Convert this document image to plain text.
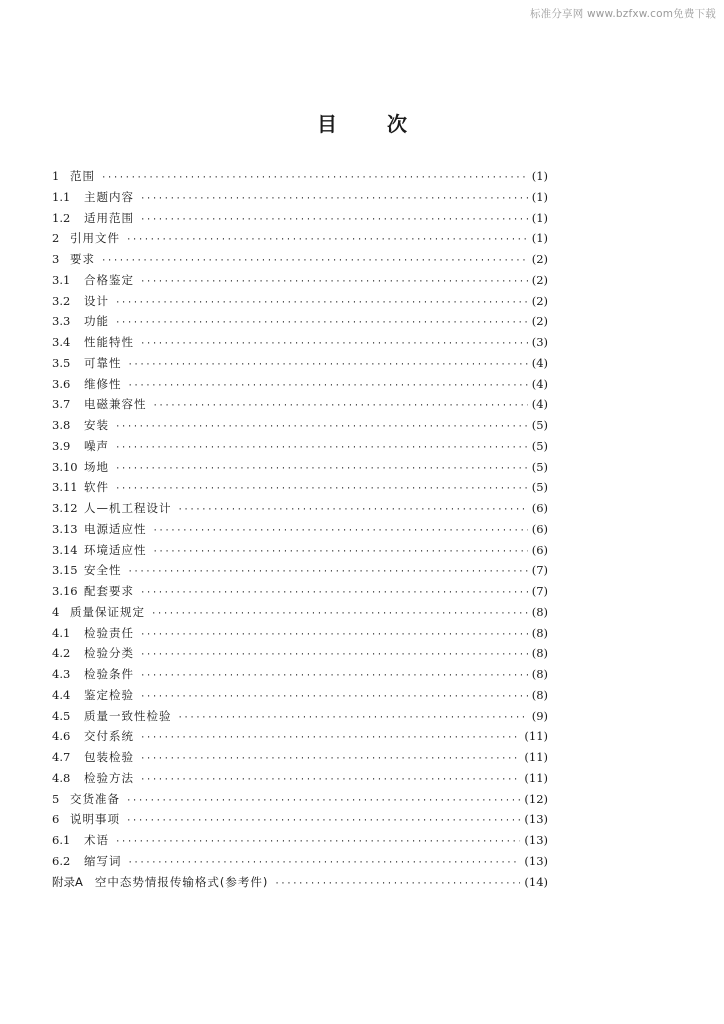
标准分享网 www.bzfxw.com免费下载
目	次
1 范围 ·····	(1)
1.1	主题内容 ·····	(1)
1.2	适用范围 ·····	(1)
2 引用文件 ·····	(1)
3 要求 ·····	(2)
3.1	合格鉴定 ·····	(2)
3.2	设计 ·····	(2)
3.3	功能 ·····	(2)
3.4	性能特性 ·····	(3)
3.5	可靠性 ·····	(4)
3.6	维修性 ·····	(4)
3.7	电磁兼容性 ·····	(4)
3.8	安装 ·····	(5)
3.9	噪声 ·····	(5)
3.10 场地 ·····	(5)
3.11 软件 ·····	(5)
3.12 人—机工程设计 ·····	(6)
3.13 电源适应性 ·····	(6)
3.14 环境适应性 ·····	(6)
3.15 安全性 ·····	(7)
3.16 配套要求 ·····	(7)
4 质量保证规定 ·····	(8)
4.1	检验责任 ·····	(8)
4.2	检验分类 ·····	(8)
4.3	检验条件 ·····	(8)
4.4	鉴定检验 ·····	(8)
4.5	质量一致性检验 ·····	(9)
4.6	交付系统 ·····	(11)
4.7	包装检验 ·····	(11)
4.8	检验方法 ·····	(11)
5 交货准备 ·····	(12)
6 说明事项 ·····	(13)
6.1	术语 ·····	(13)
6.2	缩写词 ·····	(13)
附录A 空中态势情报传输格式(参考件) ·····	(14)
